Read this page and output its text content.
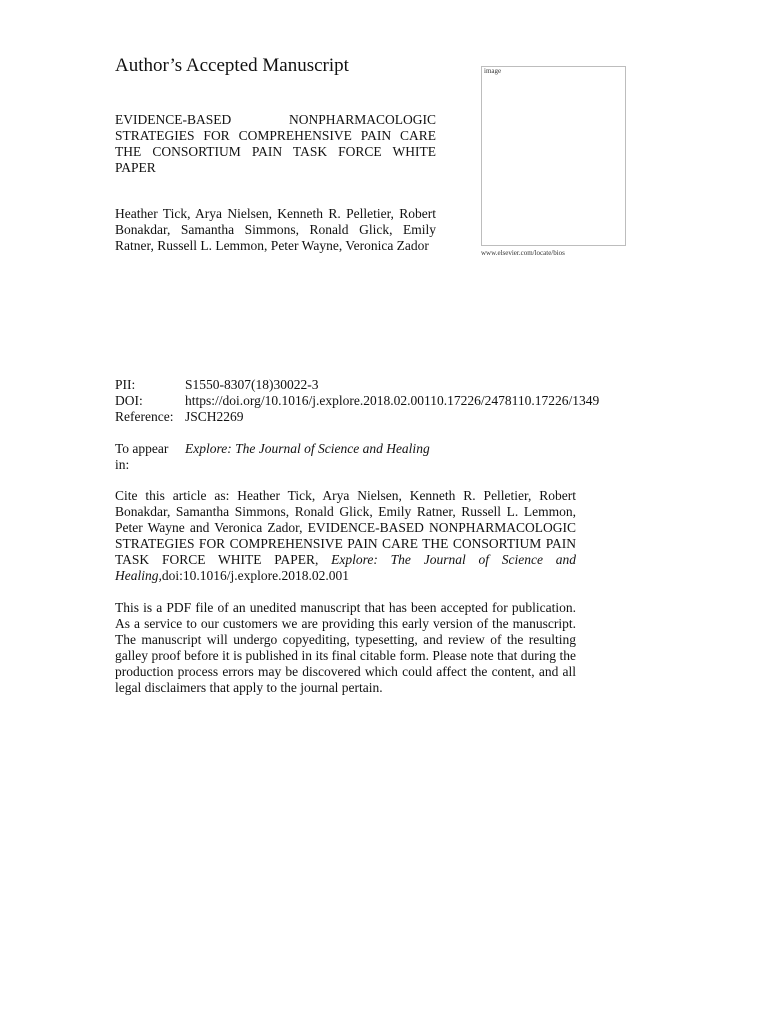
Author’s Accepted Manuscript
EVIDENCE-BASED NONPHARMACOLOGIC STRATEGIES FOR COMPREHENSIVE PAIN CARE THE CONSORTIUM PAIN TASK FORCE WHITE PAPER
Heather Tick, Arya Nielsen, Kenneth R. Pelletier, Robert Bonakdar, Samantha Simmons, Ronald Glick, Emily Ratner, Russell L. Lemmon, Peter Wayne, Veronica Zador
image
www.elsevier.com/locate/bios
PII:	S1550-8307(18)30022-3
DOI:	https://doi.org/10.1016/j.explore.2018.02.00110.17226/2478110.17226/1349
Reference: JSCH2269
To appear in:
Explore: The Journal of Science and Healing
Cite this article as: Heather Tick, Arya Nielsen, Kenneth R. Pelletier, Robert Bonakdar, Samantha Simmons, Ronald Glick, Emily Ratner, Russell L. Lemmon, Peter Wayne and Veronica Zador, EVIDENCE-BASED NONPHARMACOLOGIC STRATEGIES FOR COMPREHENSIVE PAIN CARE THE CONSORTIUM PAIN TASK FORCE WHITE PAPER, Explore: The Journal of Science and Healing,doi:10.1016/j.explore.2018.02.001
This is a PDF file of an unedited manuscript that has been accepted for publication. As a service to our customers we are providing this early version of the manuscript. The manuscript will undergo copyediting, typesetting, and review of the resulting galley proof before it is published in its final citable form. Please note that during the production process errors may be discovered which could affect the content, and all legal disclaimers that apply to the journal pertain.
